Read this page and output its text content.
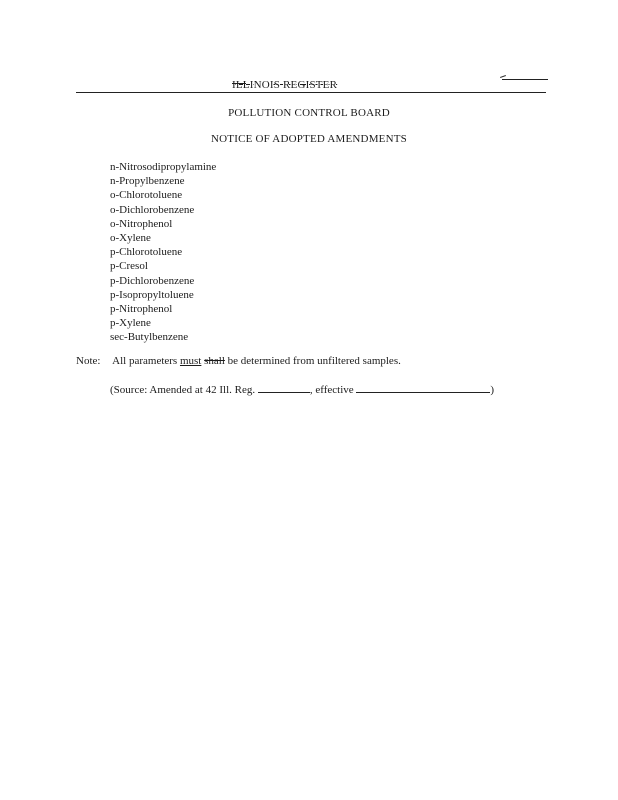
ILLINOIS REGISTER
POLLUTION CONTROL BOARD
NOTICE OF ADOPTED AMENDMENTS
n-Nitrosodipropylamine
n-Propylbenzene
o-Chlorotoluene
o-Dichlorobenzene
o-Nitrophenol
o-Xylene
p-Chlorotoluene
p-Cresol
p-Dichlorobenzene
p-Isopropyltoluene
p-Nitrophenol
p-Xylene
sec-Butylbenzene
Note: All parameters must shall be determined from unfiltered samples.
(Source: Amended at 42 Ill. Reg.	, effective	)
